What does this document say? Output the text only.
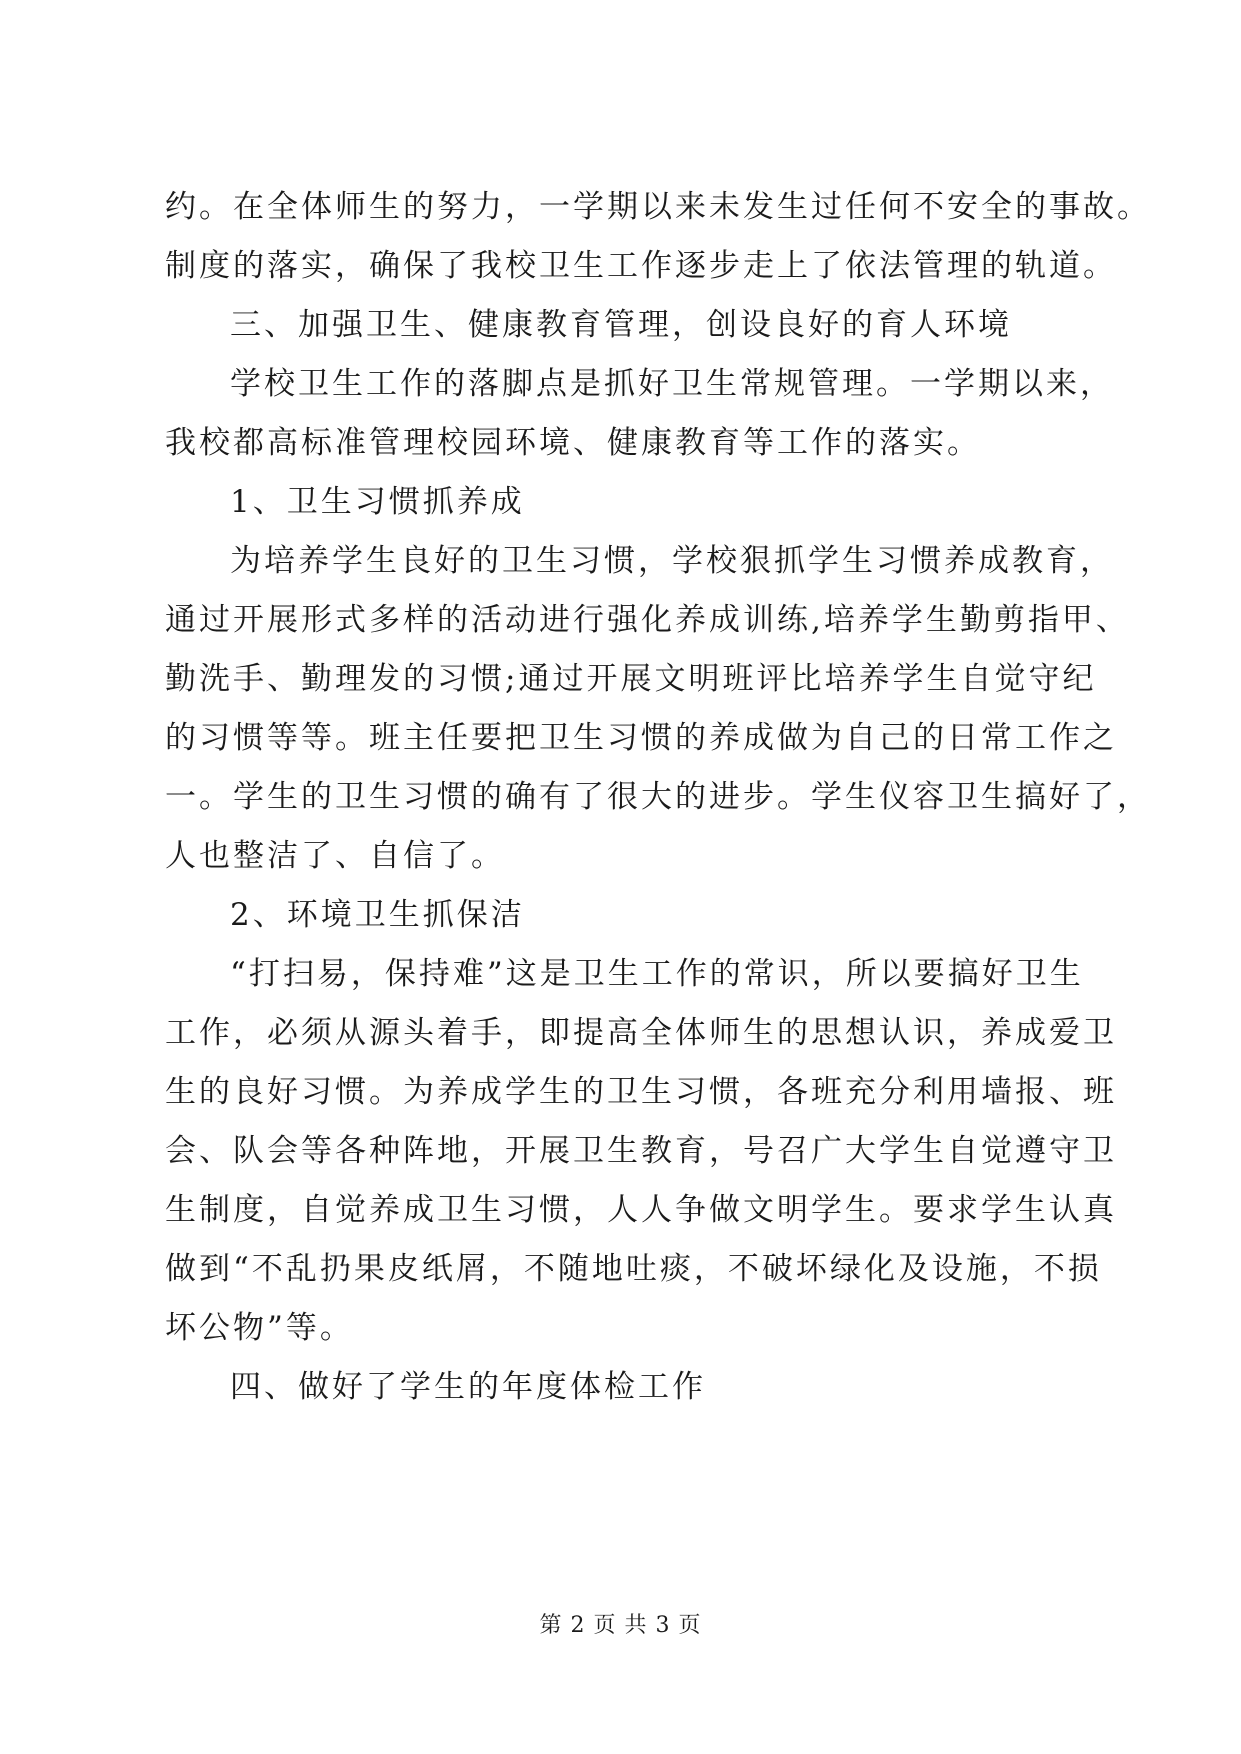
约。在全体师生的努力，一学期以来未发生过任何不安全的事故。
制度的落实，确保了我校卫生工作逐步走上了依法管理的轨道。
三、加强卫生、健康教育管理，创设良好的育人环境
学校卫生工作的落脚点是抓好卫生常规管理。一学期以来，
我校都高标准管理校园环境、健康教育等工作的落实。
1、卫生习惯抓养成
为培养学生良好的卫生习惯，学校狠抓学生习惯养成教育，
通过开展形式多样的活动进行强化养成训练,培养学生勤剪指甲、
勤洗手、勤理发的习惯;通过开展文明班评比培养学生自觉守纪
的习惯等等。班主任要把卫生习惯的养成做为自己的日常工作之
一。学生的卫生习惯的确有了很大的进步。学生仪容卫生搞好了，
人也整洁了、自信了。
2、环境卫生抓保洁
“打扫易，保持难”这是卫生工作的常识，所以要搞好卫生
工作，必须从源头着手，即提高全体师生的思想认识，养成爱卫
生的良好习惯。为养成学生的卫生习惯，各班充分利用墙报、班
会、队会等各种阵地，开展卫生教育，号召广大学生自觉遵守卫
生制度，自觉养成卫生习惯，人人争做文明学生。要求学生认真
做到“不乱扔果皮纸屑，不随地吐痰，不破坏绿化及设施，不损
坏公物”等。
四、做好了学生的年度体检工作
第 2 页 共 3 页
